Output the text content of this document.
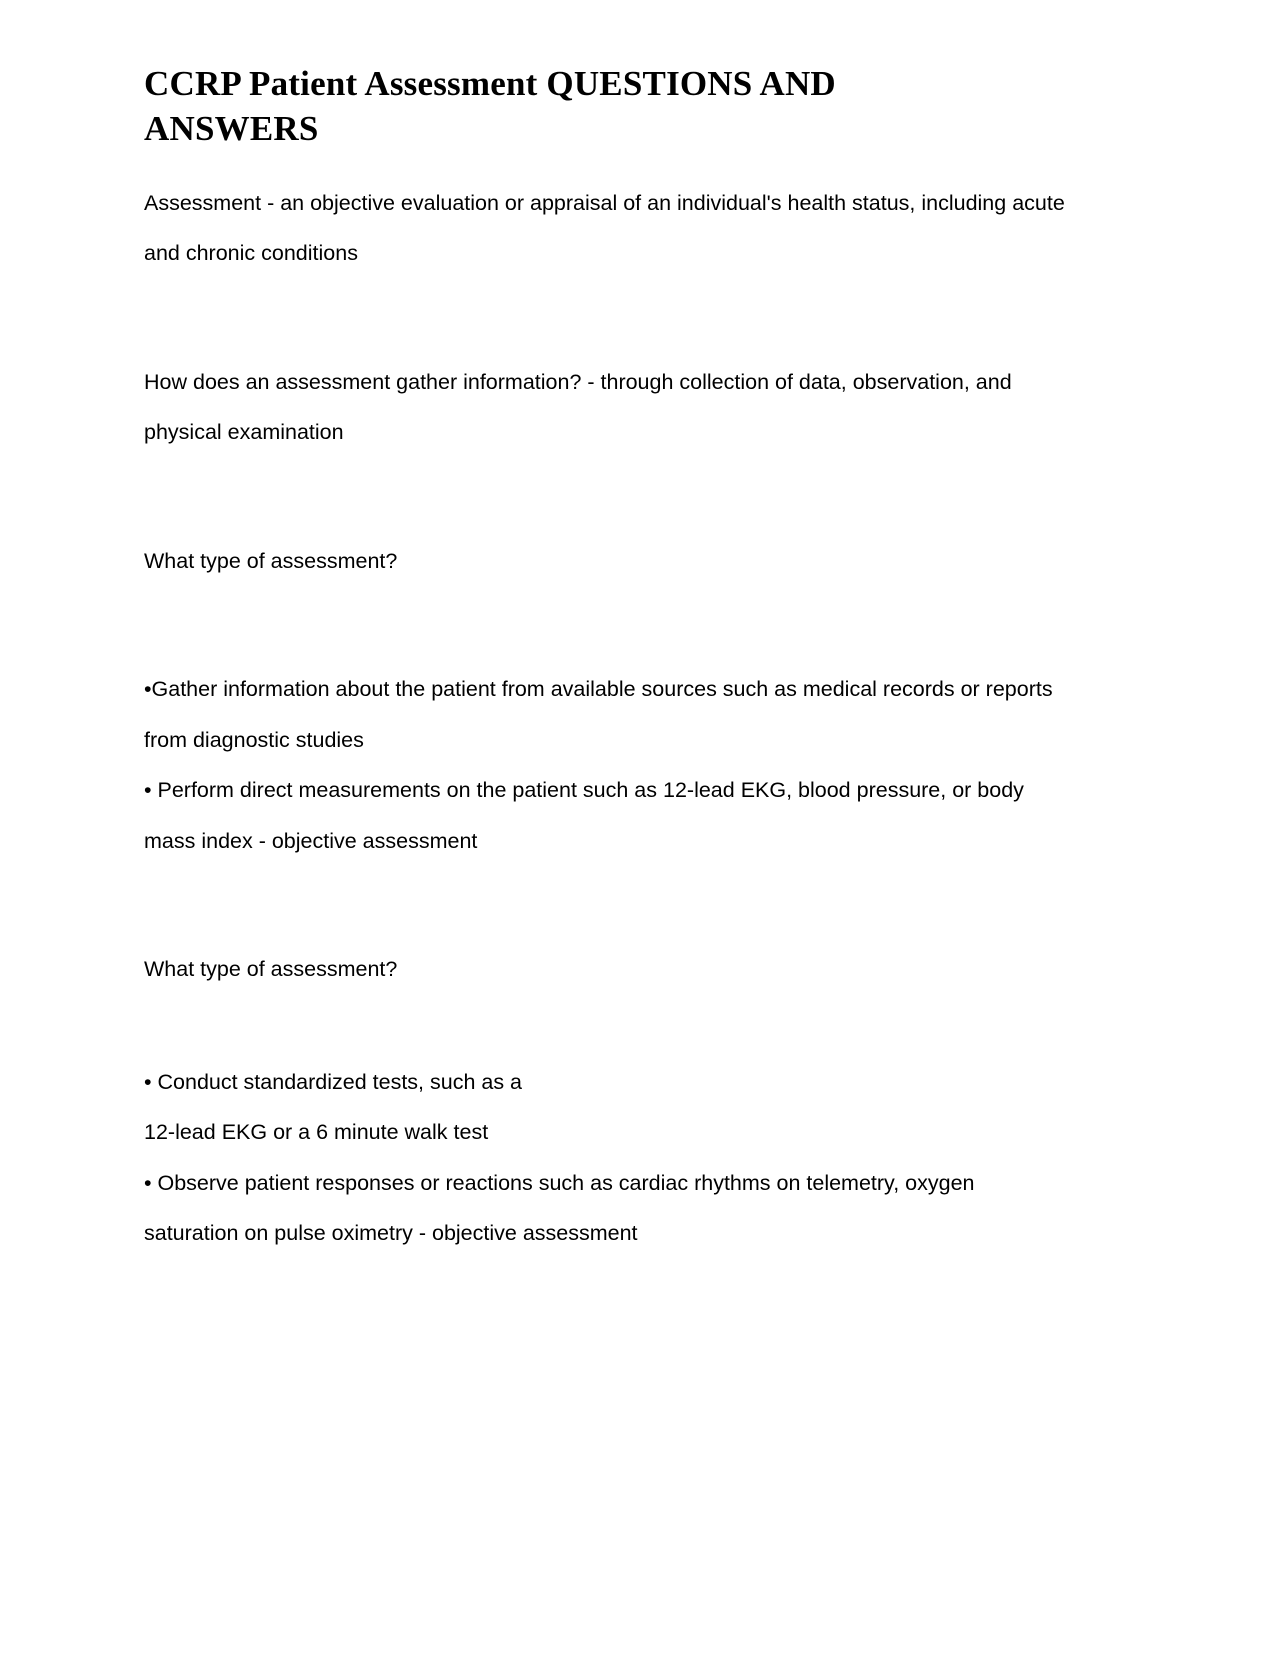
CCRP Patient Assessment QUESTIONS AND ANSWERS

Assessment - an objective evaluation or appraisal of an individual's health status, including acute and chronic conditions

How does an assessment gather information? - through collection of data, observation, and physical examination

What type of assessment?

•Gather information about the patient from available sources such as medical records or reports from diagnostic studies

• Perform direct measurements on the patient such as 12-lead EKG, blood pressure, or body mass index - objective assessment

What type of assessment?

• Conduct standardized tests, such as a

12-lead EKG or a 6 minute walk test

• Observe patient responses or reactions such as cardiac rhythms on telemetry, oxygen saturation on pulse oximetry - objective assessment
